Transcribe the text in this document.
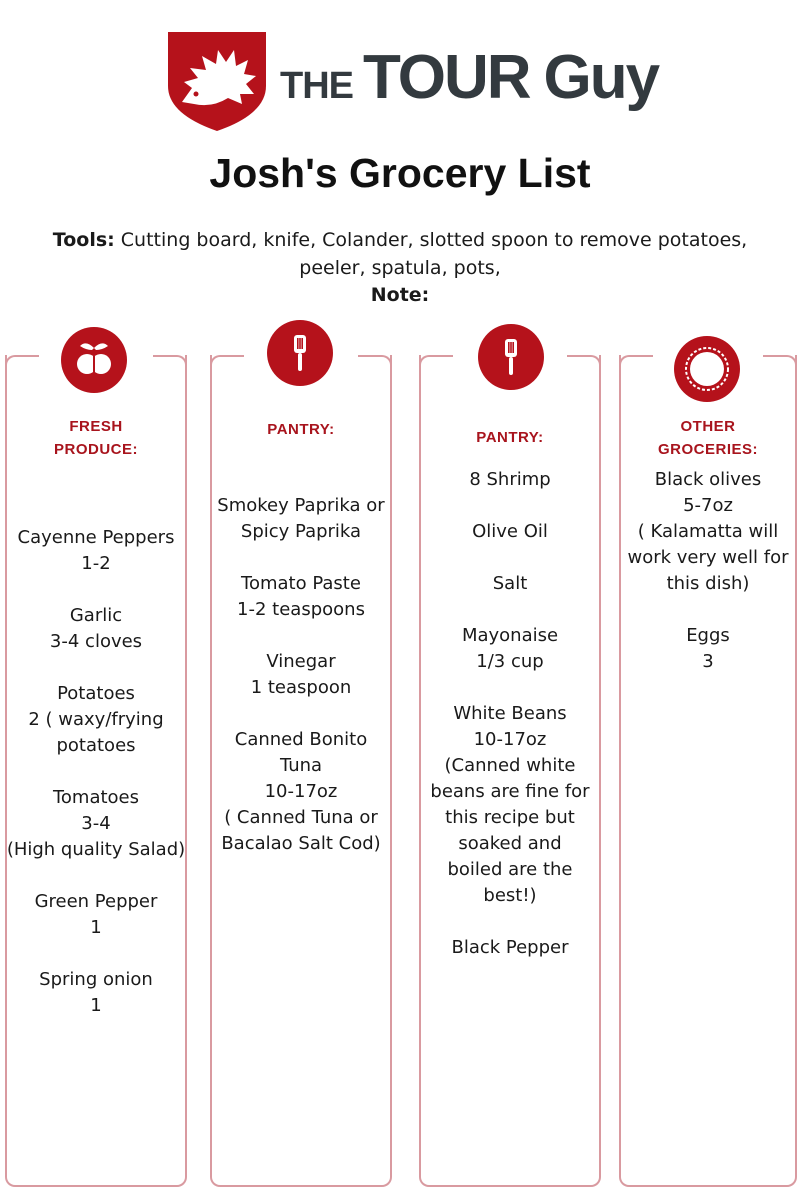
THE TOUR Guy
Josh's Grocery List
Tools: Cutting board, knife, Colander, slotted spoon to remove potatoes, peeler, spatula, pots,
Note:
FRESH
PRODUCE:
Cayenne Peppers
1-2
Garlic
3-4 cloves
Potatoes
2 ( waxy/frying
potatoes
Tomatoes
3-4
(High quality Salad)
Green Pepper
1
Spring onion
1
PANTRY:
Smokey Paprika or
Spicy Paprika
Tomato Paste
1-2 teaspoons
Vinegar
1 teaspoon
Canned Bonito
Tuna
10-17oz
( Canned Tuna or
Bacalao Salt Cod)
PANTRY:
8 Shrimp
Olive Oil
Salt
Mayonaise
1/3 cup
White Beans
10-17oz
(Canned white
beans are fine for
this recipe but
soaked and
boiled are the
best!)
Black Pepper
OTHER
GROCERIES:
Black olives
5-7oz
( Kalamatta will
work very well for
this dish)
Eggs
3
